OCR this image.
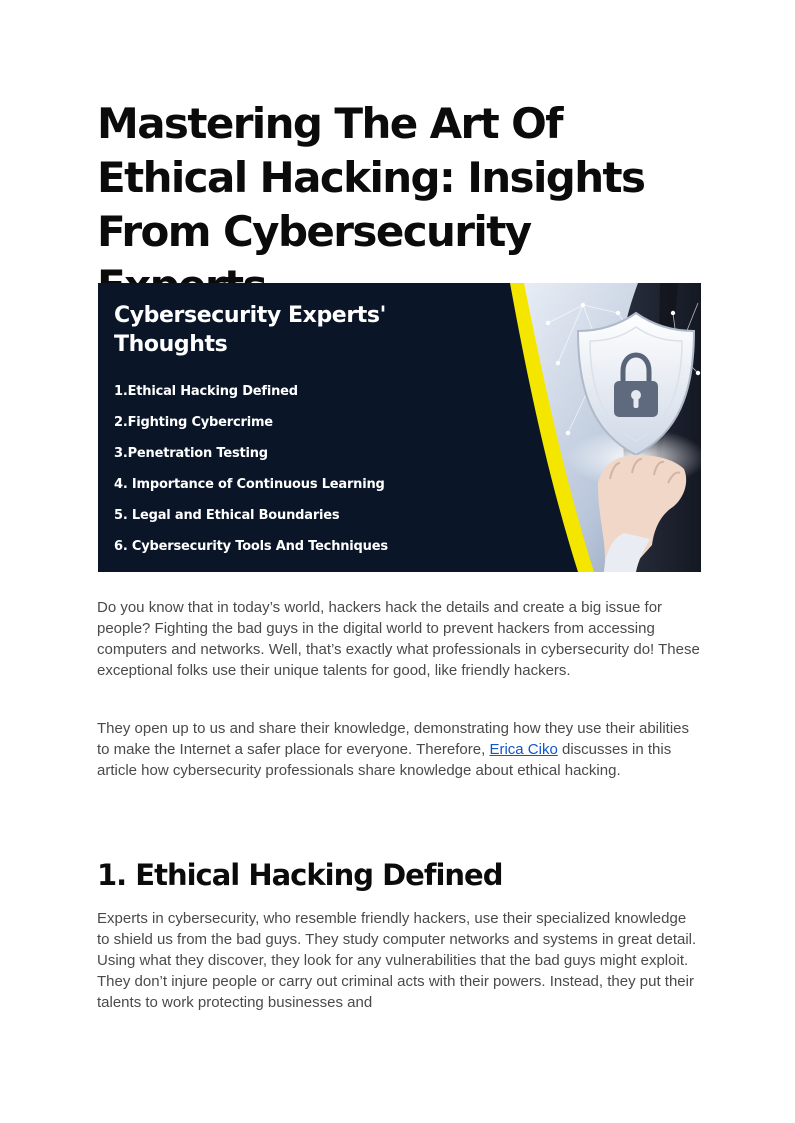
Mastering The Art Of Ethical Hacking: Insights From Cybersecurity
Cybersecurity Experts' Thoughts
1.Ethical Hacking Defined
2.Fighting Cybercrime
3.Penetration Testing
4. Importance of Continuous Learning
5. Legal and Ethical Boundaries
6. Cybersecurity Tools And Techniques

Do you know that in today’s world, hackers hack the details and create a big issue for people? Fighting the bad guys in the digital world to prevent hackers from accessing computers and networks. Well, that’s exactly what professionals in cybersecurity do! These exceptional folks use their unique talents for good, like friendly hackers.

They open up to us and share their knowledge, demonstrating how they use their abilities to make the Internet a safer place for everyone. Therefore, Erica Ciko discusses in this article how cybersecurity professionals share knowledge about ethical hacking.

1. Ethical Hacking Defined

Experts in cybersecurity, who resemble friendly hackers, use their specialized knowledge to shield us from the bad guys. They study computer networks and systems in great detail. Using what they discover, they look for any vulnerabilities that the bad guys might exploit. They don’t injure people or carry out criminal acts with their powers. Instead, they put their talents to work protecting businesses and
